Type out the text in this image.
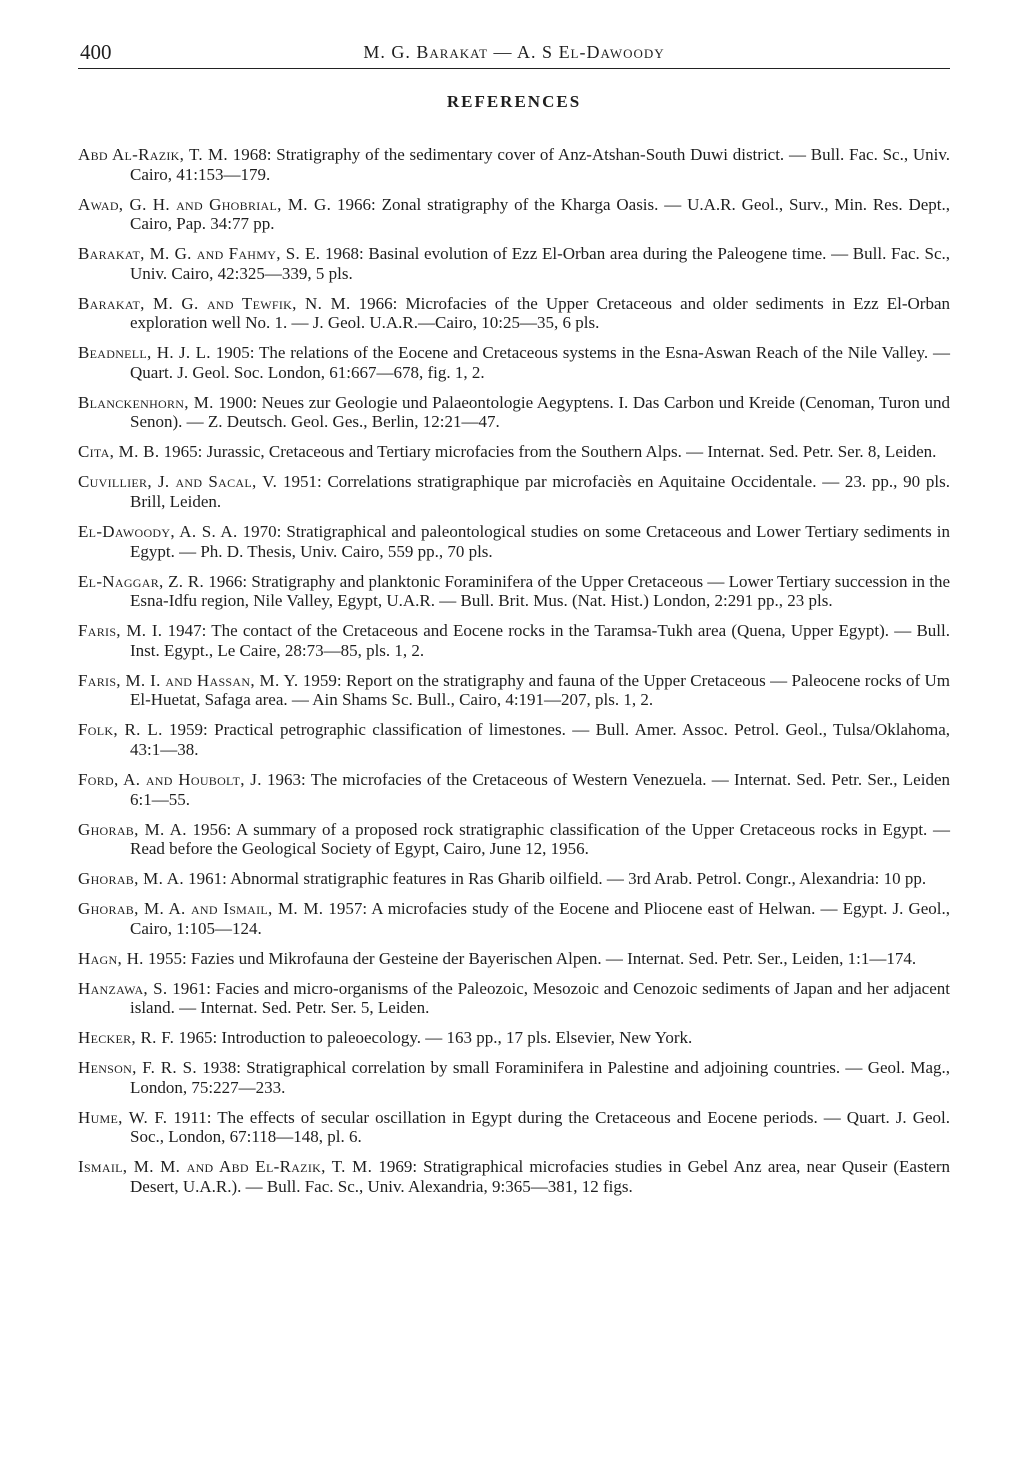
400	M. G. Barakat — A. S El-Dawoody
REFERENCES

Abd Al-Razik, T. M. 1968: Stratigraphy of the sedimentary cover of Anz-Atshan-South Duwi district. — Bull. Fac. Sc., Univ. Cairo, 41:153—179.

Awad, G. H. and Ghobrial, M. G. 1966: Zonal stratigraphy of the Kharga Oasis. — U.A.R. Geol., Surv., Min. Res. Dept., Cairo, Pap. 34:77 pp.

Barakat, M. G. and Fahmy, S. E. 1968: Basinal evolution of Ezz El-Orban area during the Paleogene time. — Bull. Fac. Sc., Univ. Cairo, 42:325—339, 5 pls.

Barakat, M. G. and Tewfik, N. M. 1966: Microfacies of the Upper Cretaceous and older sediments in Ezz El-Orban exploration well No. 1. — J. Geol. U.A.R.—Cairo, 10:25—35, 6 pls.

Beadnell, H. J. L. 1905: The relations of the Eocene and Cretaceous systems in the Esna-Aswan Reach of the Nile Valley. — Quart. J. Geol. Soc. London, 61:667—678, fig. 1, 2.

Blanckenhorn, M. 1900: Neues zur Geologie und Palaeontologie Aegyptens. I. Das Carbon und Kreide (Cenoman, Turon und Senon). — Z. Deutsch. Geol. Ges., Berlin, 12:21—47.

Cita, M. B. 1965: Jurassic, Cretaceous and Tertiary microfacies from the Southern Alps. — Internat. Sed. Petr. Ser. 8, Leiden.

Cuvillier, J. and Sacal, V. 1951: Correlations stratigraphique par microfaciès en Aquitaine Occidentale. — 23. pp., 90 pls. Brill, Leiden.

El-Dawoody, A. S. A. 1970: Stratigraphical and paleontological studies on some Cretaceous and Lower Tertiary sediments in Egypt. — Ph. D. Thesis, Univ. Cairo, 559 pp., 70 pls.

El-Naggar, Z. R. 1966: Stratigraphy and planktonic Foraminifera of the Upper Cretaceous — Lower Tertiary succession in the Esna-Idfu region, Nile Valley, Egypt, U.A.R. — Bull. Brit. Mus. (Nat. Hist.) London, 2:291 pp., 23 pls.

Faris, M. I. 1947: The contact of the Cretaceous and Eocene rocks in the Taramsa-Tukh area (Quena, Upper Egypt). — Bull. Inst. Egypt., Le Caire, 28:73—85, pls. 1, 2.

Faris, M. I. and Hassan, M. Y. 1959: Report on the stratigraphy and fauna of the Upper Cretaceous — Paleocene rocks of Um El-Huetat, Safaga area. — Ain Shams Sc. Bull., Cairo, 4:191—207, pls. 1, 2.

Folk, R. L. 1959: Practical petrographic classification of limestones. — Bull. Amer. Assoc. Petrol. Geol., Tulsa/Oklahoma, 43:1—38.

Ford, A. and Houbolt, J. 1963: The microfacies of the Cretaceous of Western Venezuela. — Internat. Sed. Petr. Ser., Leiden 6:1—55.

Ghorab, M. A. 1956: A summary of a proposed rock stratigraphic classification of the Upper Cretaceous rocks in Egypt. — Read before the Geological Society of Egypt, Cairo, June 12, 1956.

Ghorab, M. A. 1961: Abnormal stratigraphic features in Ras Gharib oilfield. — 3rd Arab. Petrol. Congr., Alexandria: 10 pp.

Ghorab, M. A. and Ismail, M. M. 1957: A microfacies study of the Eocene and Pliocene east of Helwan. — Egypt. J. Geol., Cairo, 1:105—124.

Hagn, H. 1955: Fazies und Mikrofauna der Gesteine der Bayerischen Alpen. — Internat. Sed. Petr. Ser., Leiden, 1:1—174.

Hanzawa, S. 1961: Facies and micro-organisms of the Paleozoic, Mesozoic and Cenozoic sediments of Japan and her adjacent island. — Internat. Sed. Petr. Ser. 5, Leiden.

Hecker, R. F. 1965: Introduction to paleoecology. — 163 pp., 17 pls. Elsevier, New York.

Henson, F. R. S. 1938: Stratigraphical correlation by small Foraminifera in Palestine and adjoining countries. — Geol. Mag., London, 75:227—233.

Hume, W. F. 1911: The effects of secular oscillation in Egypt during the Cretaceous and Eocene periods. — Quart. J. Geol. Soc., London, 67:118—148, pl. 6.

Ismail, M. M. and Abd El-Razik, T. M. 1969: Stratigraphical microfacies studies in Gebel Anz area, near Quseir (Eastern Desert, U.A.R.). — Bull. Fac. Sc., Univ. Alexandria, 9:365—381, 12 figs.
